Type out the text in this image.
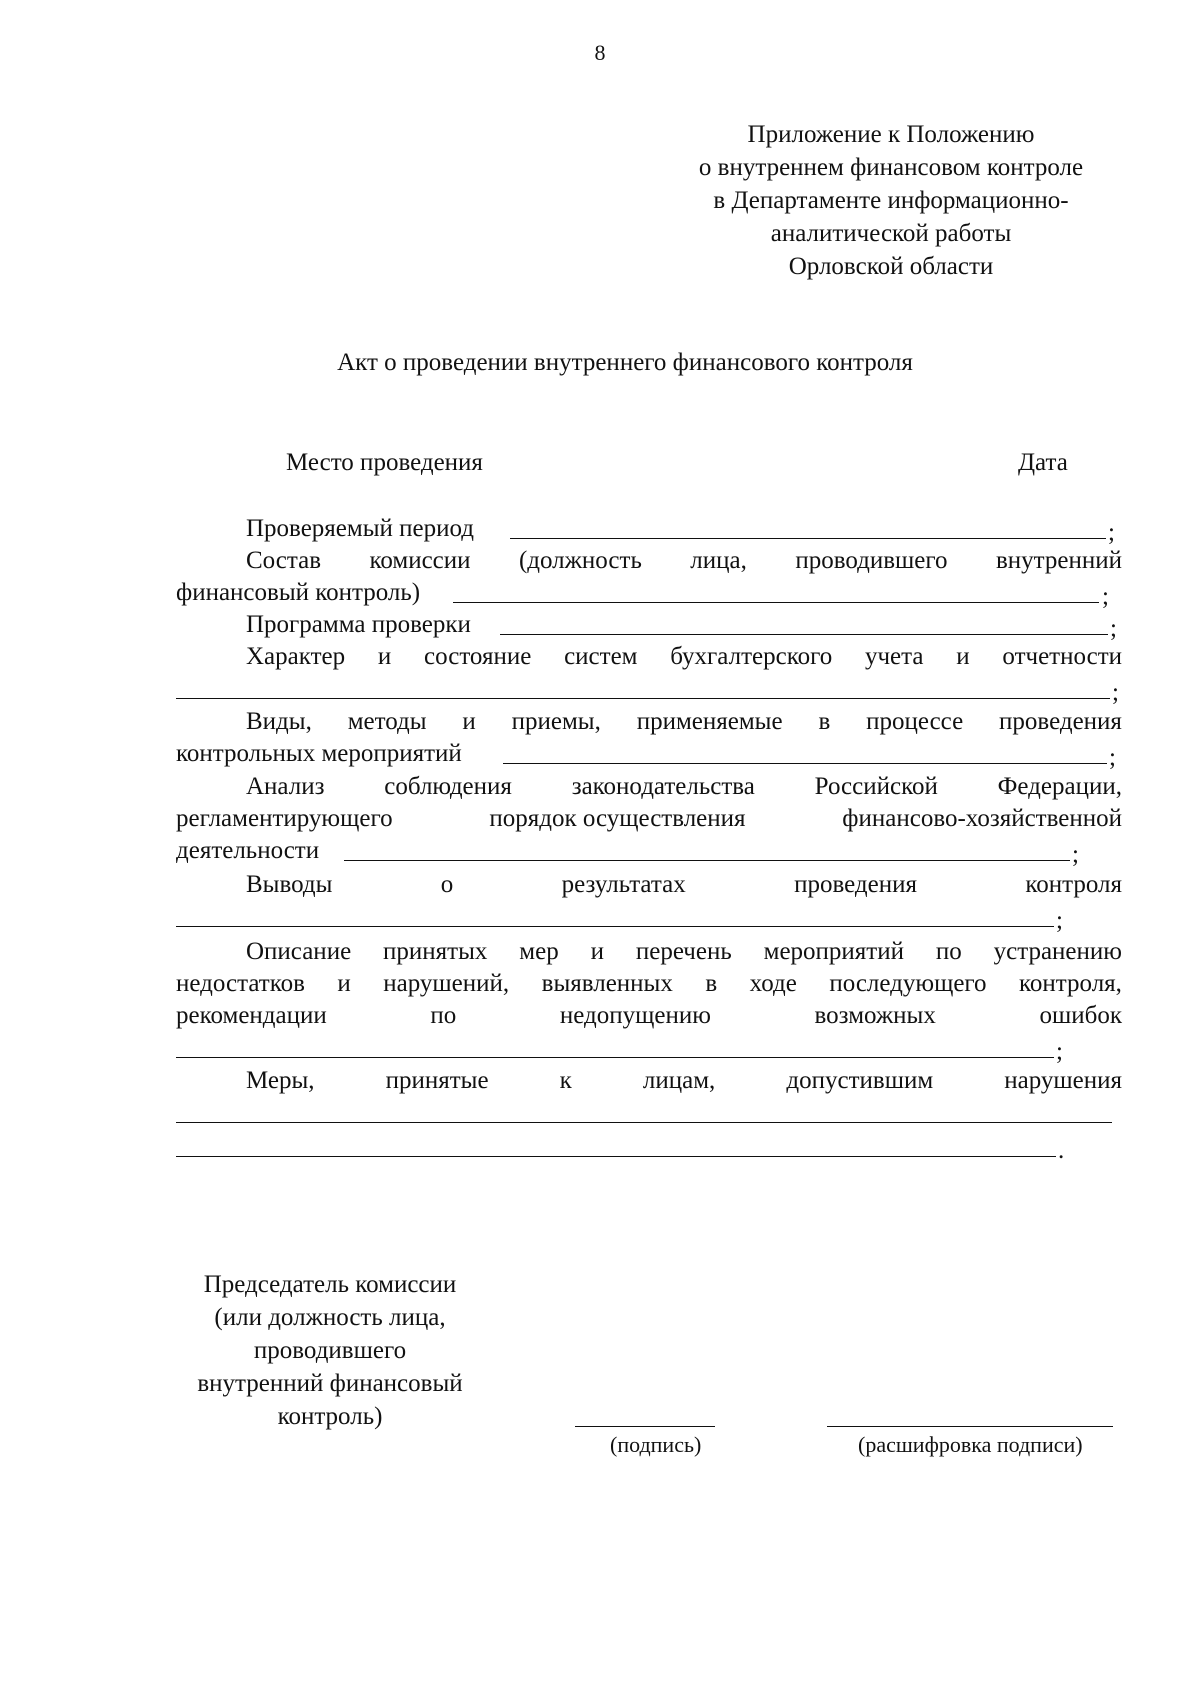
8
Приложение к Положению
о внутреннем финансовом контроле
в Департаменте информационно-
аналитической работы
Орловской области
Акт о проведении внутреннего финансового контроля
Место проведения	Дата
Проверяемый период	;
Состав комиссии (должность лица, проводившего внутренний
финансовый контроль)	;
Программа проверки	;
Характер и состояние систем бухгалтерского учета и отчетности
;
Виды, методы и приемы, применяемые в процессе проведения
контрольных мероприятий	;
Анализ соблюдения законодательства Российской Федерации,
регламентирующего	порядок осуществления	финансово-хозяйственной
деятельности	;
Выводы	о	результатах	проведения	контроля
;
Описание принятых мер и перечень мероприятий по устранению
недостатков и нарушений, выявленных в ходе последующего контроля,
рекомендации	по	недопущению	возможных	ошибок
;
Меры,	принятые	к	лицам,	допустившим	нарушения
.
Председатель комиссии
(или должность лица,
проводившего
внутренний финансовый
контроль)
(подпись)	(расшифровка подписи)
